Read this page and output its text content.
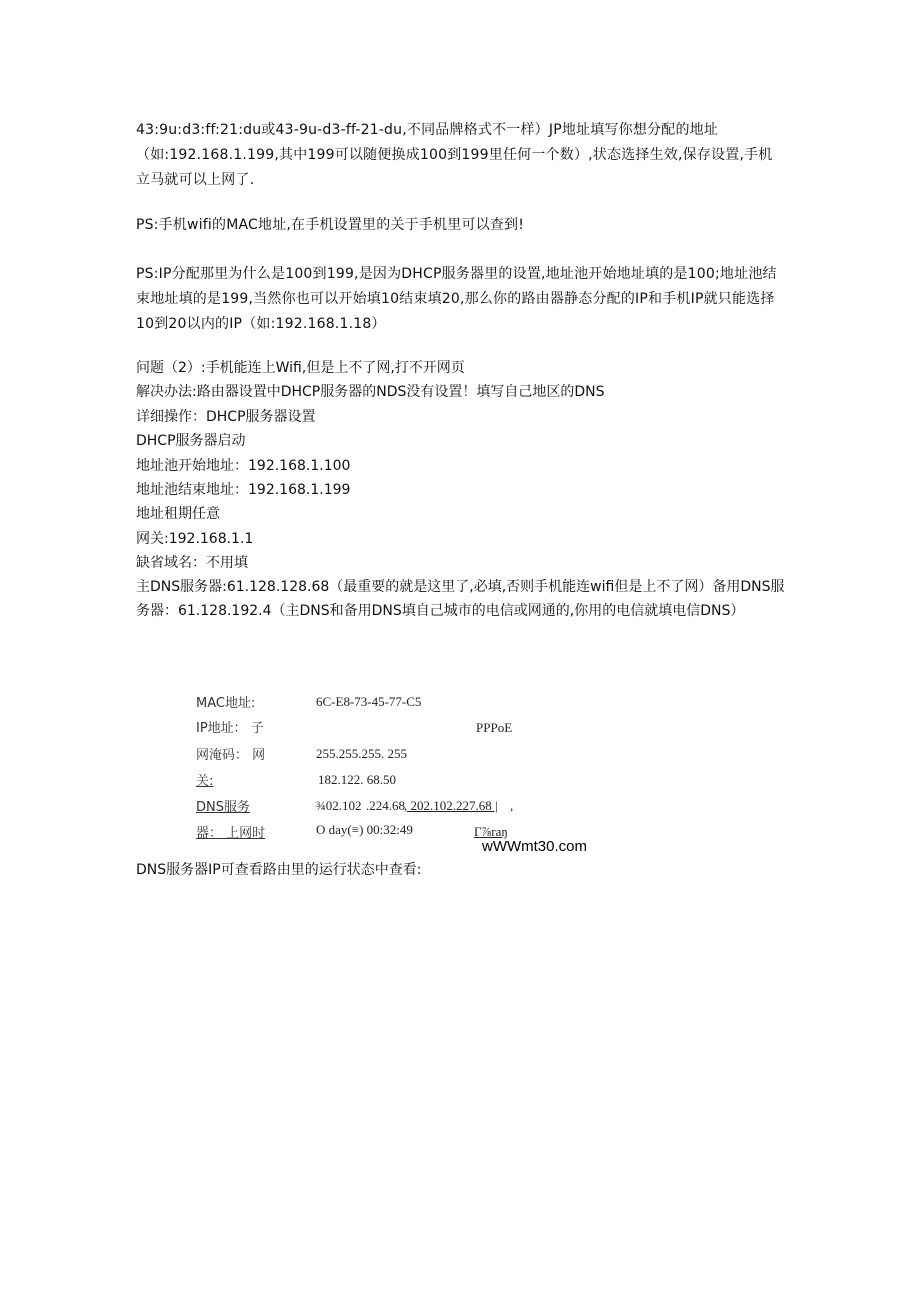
43:9u:d3:ff:21:du或43-9u-d3-ff-21-du,不同品牌格式不一样）JP地址填写你想分配的地址（如:192.168.1.199,其中199可以随便换成100到199里任何一个数）,状态选择生效,保存设置,手机立马就可以上网了.

PS:手机wifi的MAC地址,在手机设置里的关于手机里可以查到!

PS:IP分配那里为什么是100到199,是因为DHCP服务器里的设置,地址池开始地址填的是100;地址池结束地址填的是199,当然你也可以开始填10结束填20,那么你的路由器静态分配的IP和手机IP就只能选择10到20以内的IP（如:192.168.1.18）

问题（2）:手机能连上Wifi,但是上不了网,打不开网页

解决办法:路由器设置中DHCP服务器的NDS没有设置！填写自己地区的DNS

详细操作：DHCP服务器设置

DHCP服务器启动

地址池开始地址：192.168.1.100

地址池结束地址：192.168.1.199

地址租期任意

网关:192.168.1.1

缺省域名：不用填

主DNS服务器:61.128.128.68（最重要的就是这里了,必填,否则手机能连wifi但是上不了网）备用DNS服务器：61.128.192.4（主DNS和备用DNS填自己城市的电信或网通的,你用的电信就填电信DNS）

MAC地址:	6C-E8-73-45-77-C5
IP地址： 子	PPPoE
网淹码： 网	255.255.255. 255
关:	182.122. 68.50
DNS服务	¾02.102 .224.68 , 202.102.227.68 | ,
器： 上网时	O day(≡) 00:32:49	Γ⅞raŋ
wWWmt30.com

DNS服务器IP可查看路由里的运行状态中查看:
